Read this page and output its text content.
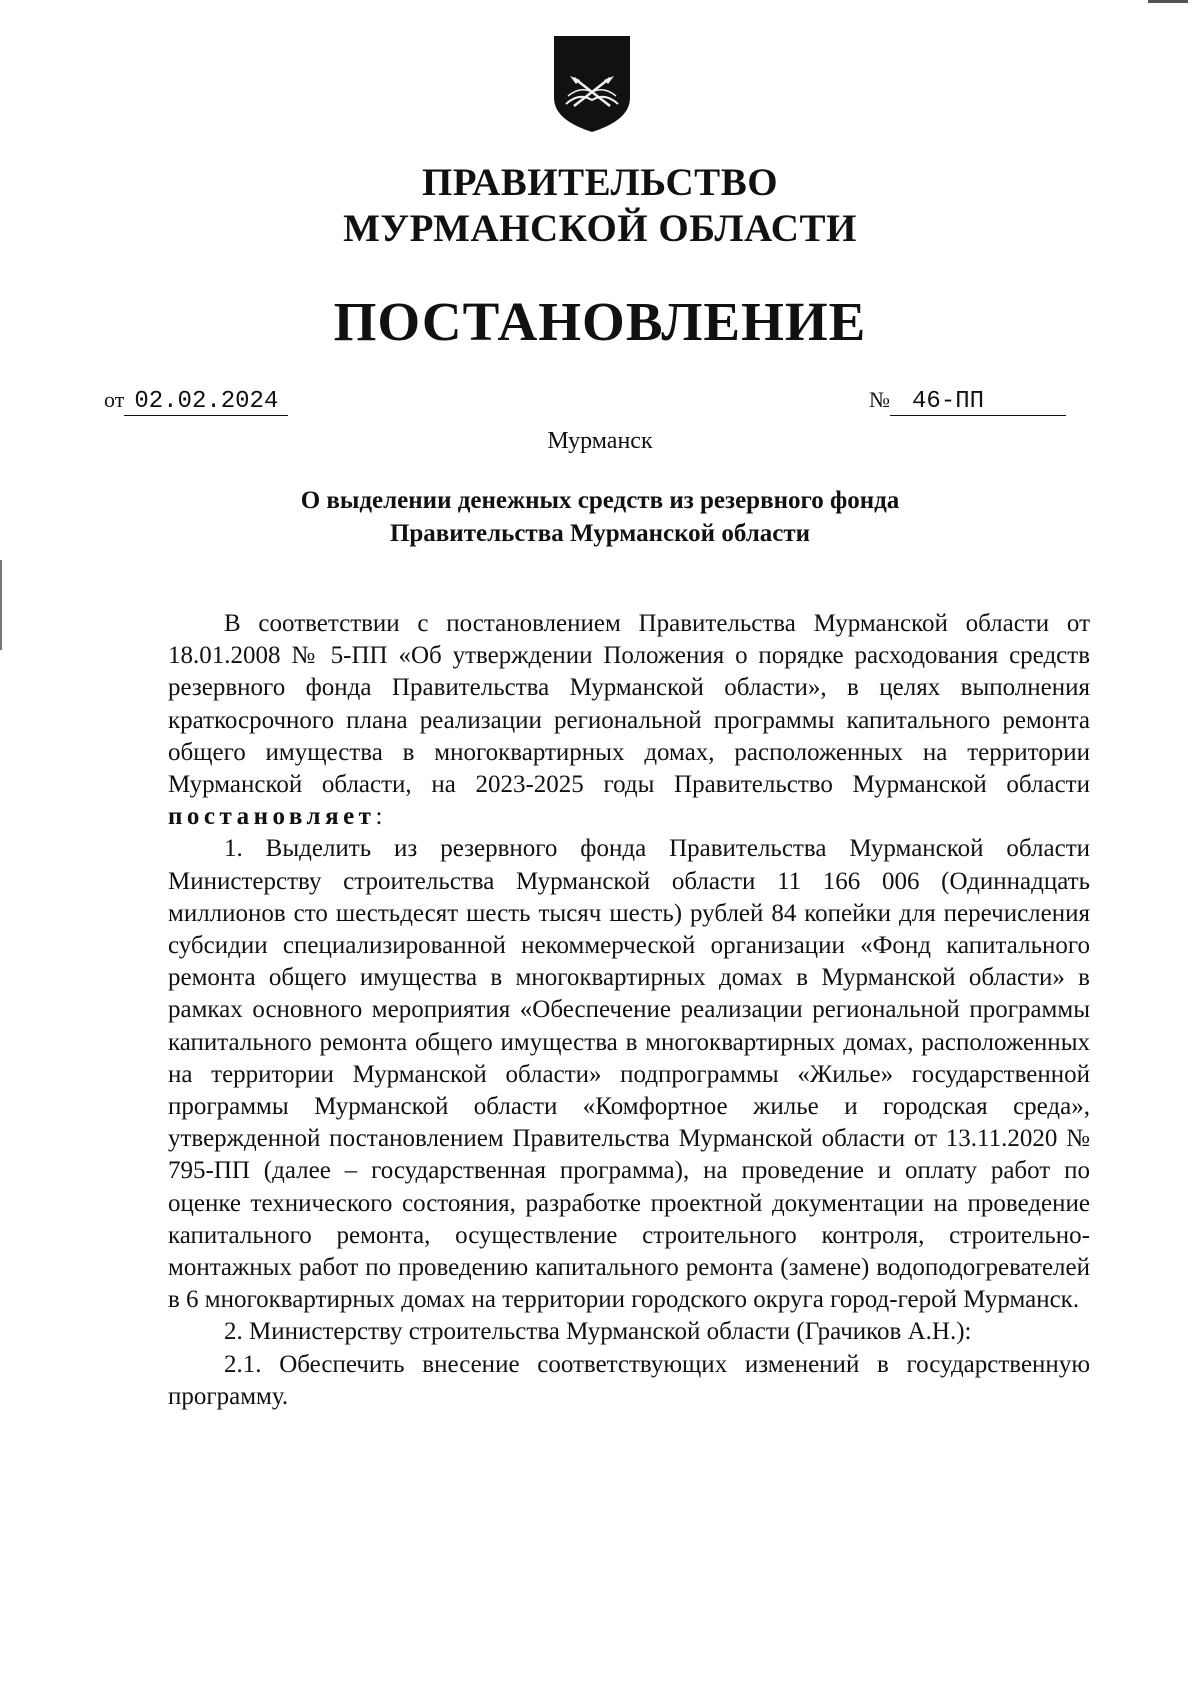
ПРАВИТЕЛЬСТВО
МУРМАНСКОЙ ОБЛАСТИ
ПОСТАНОВЛЕНИЕ
от 02.02.2024	№ 46-ПП
Мурманск
О выделении денежных средств из резервного фонда
Правительства Мурманской области

В соответствии с постановлением Правительства Мурманской области от 18.01.2008 № 5-ПП «Об утверждении Положения о порядке расходования средств резервного фонда Правительства Мурманской области», в целях выполнения краткосрочного плана реализации региональной программы капитального ремонта общего имущества в многоквартирных домах, расположенных на территории Мурманской области, на 2023-2025 годы Правительство Мурманской области постановляет:

1. Выделить из резервного фонда Правительства Мурманской области Министерству строительства Мурманской области 11 166 006 (Одиннадцать миллионов сто шестьдесят шесть тысяч шесть) рублей 84 копейки для перечисления субсидии специализированной некоммерческой организации «Фонд капитального ремонта общего имущества в многоквартирных домах в Мурманской области» в рамках основного мероприятия «Обеспечение реализации региональной программы капитального ремонта общего имущества в многоквартирных домах, расположенных на территории Мурманской области» подпрограммы «Жилье» государственной программы Мурманской области «Комфортное жилье и городская среда», утвержденной постановлением Правительства Мурманской области от 13.11.2020 № 795-ПП (далее – государственная программа), на проведение и оплату работ по оценке технического состояния, разработке проектной документации на проведение капитального ремонта, осуществление строительного контроля, строительно-монтажных работ по проведению капитального ремонта (замене) водоподогревателей в 6 многоквартирных домах на территории городского округа город-герой Мурманск.

2. Министерству строительства Мурманской области (Грачиков А.Н.):

2.1. Обеспечить внесение соответствующих изменений в государственную программу.
